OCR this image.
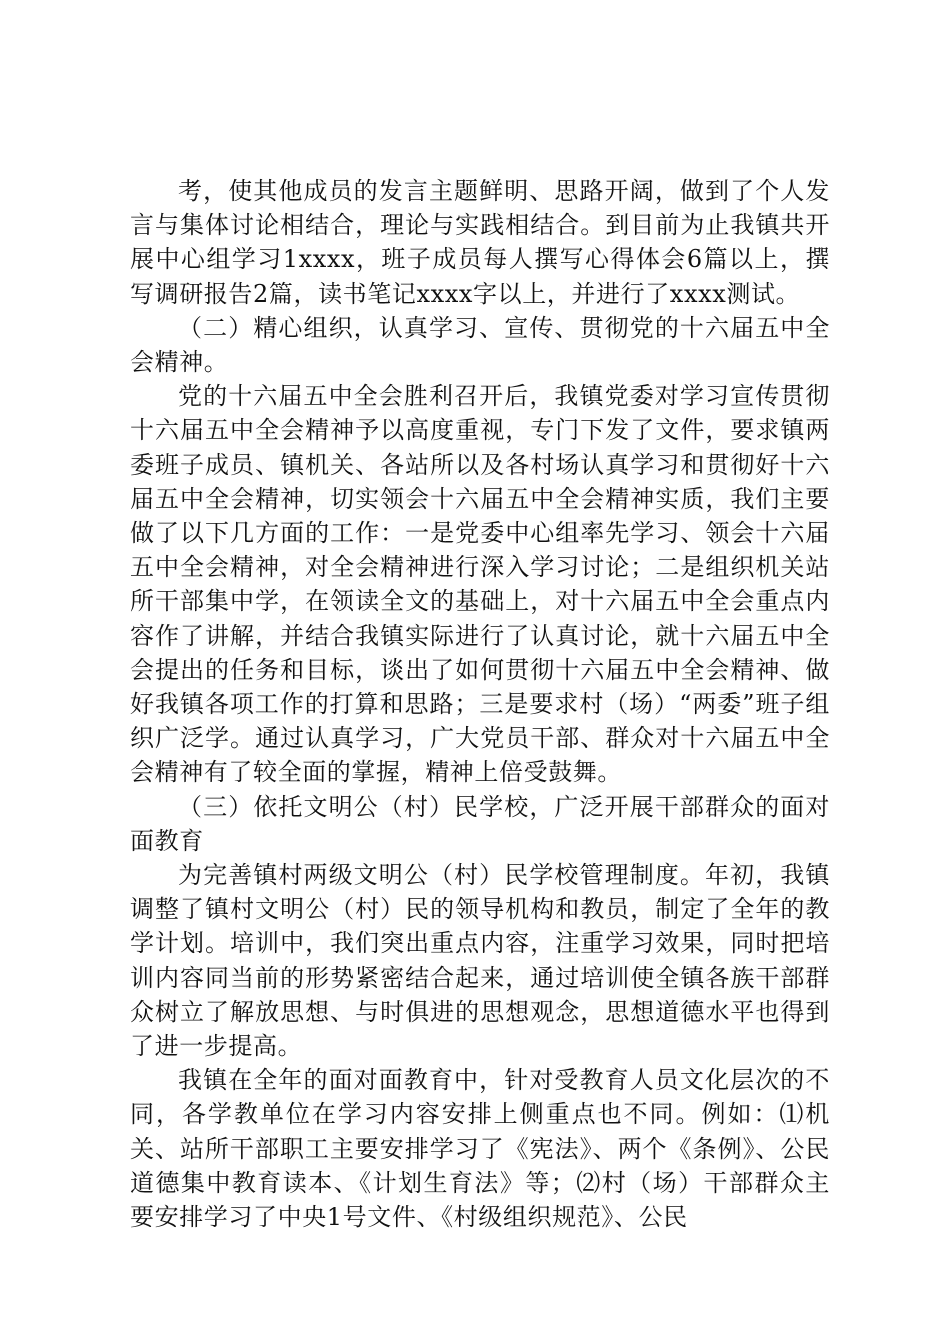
考，使其他成员的发言主题鲜明、思路开阔，做到了个人发言与集体讨论相结合，理论与实践相结合。到目前为止我镇共开展中心组学习1xxxx，班子成员每人撰写心得体会6篇以上，撰写调研报告2篇，读书笔记xxxx字以上，并进行了xxxx测试。

（二）精心组织，认真学习、宣传、贯彻党的十六届五中全会精神。

党的十六届五中全会胜利召开后，我镇党委对学习宣传贯彻十六届五中全会精神予以高度重视，专门下发了文件，要求镇两委班子成员、镇机关、各站所以及各村场认真学习和贯彻好十六届五中全会精神，切实领会十六届五中全会精神实质，我们主要做了以下几方面的工作：一是党委中心组率先学习、领会十六届五中全会精神，对全会精神进行深入学习讨论；二是组织机关站所干部集中学，在领读全文的基础上，对十六届五中全会重点内容作了讲解，并结合我镇实际进行了认真讨论，就十六届五中全会提出的任务和目标，谈出了如何贯彻十六届五中全会精神、做好我镇各项工作的打算和思路；三是要求村（场）“两委”班子组织广泛学。通过认真学习，广大党员干部、群众对十六届五中全会精神有了较全面的掌握，精神上倍受鼓舞。

（三）依托文明公（村）民学校，广泛开展干部群众的面对面教育

为完善镇村两级文明公（村）民学校管理制度。年初，我镇调整了镇村文明公（村）民的领导机构和教员，制定了全年的教学计划。培训中，我们突出重点内容，注重学习效果，同时把培训内容同当前的形势紧密结合起来，通过培训使全镇各族干部群众树立了解放思想、与时俱进的思想观念，思想道德水平也得到了进一步提高。

我镇在全年的面对面教育中，针对受教育人员文化层次的不同，各学教单位在学习内容安排上侧重点也不同。例如：⑴机关、站所干部职工主要安排学习了《宪法》、两个《条例》、公民道德集中教育读本、《计划生育法》等；⑵村（场）干部群众主要安排学习了中央1号文件、《村级组织规范》、公民
